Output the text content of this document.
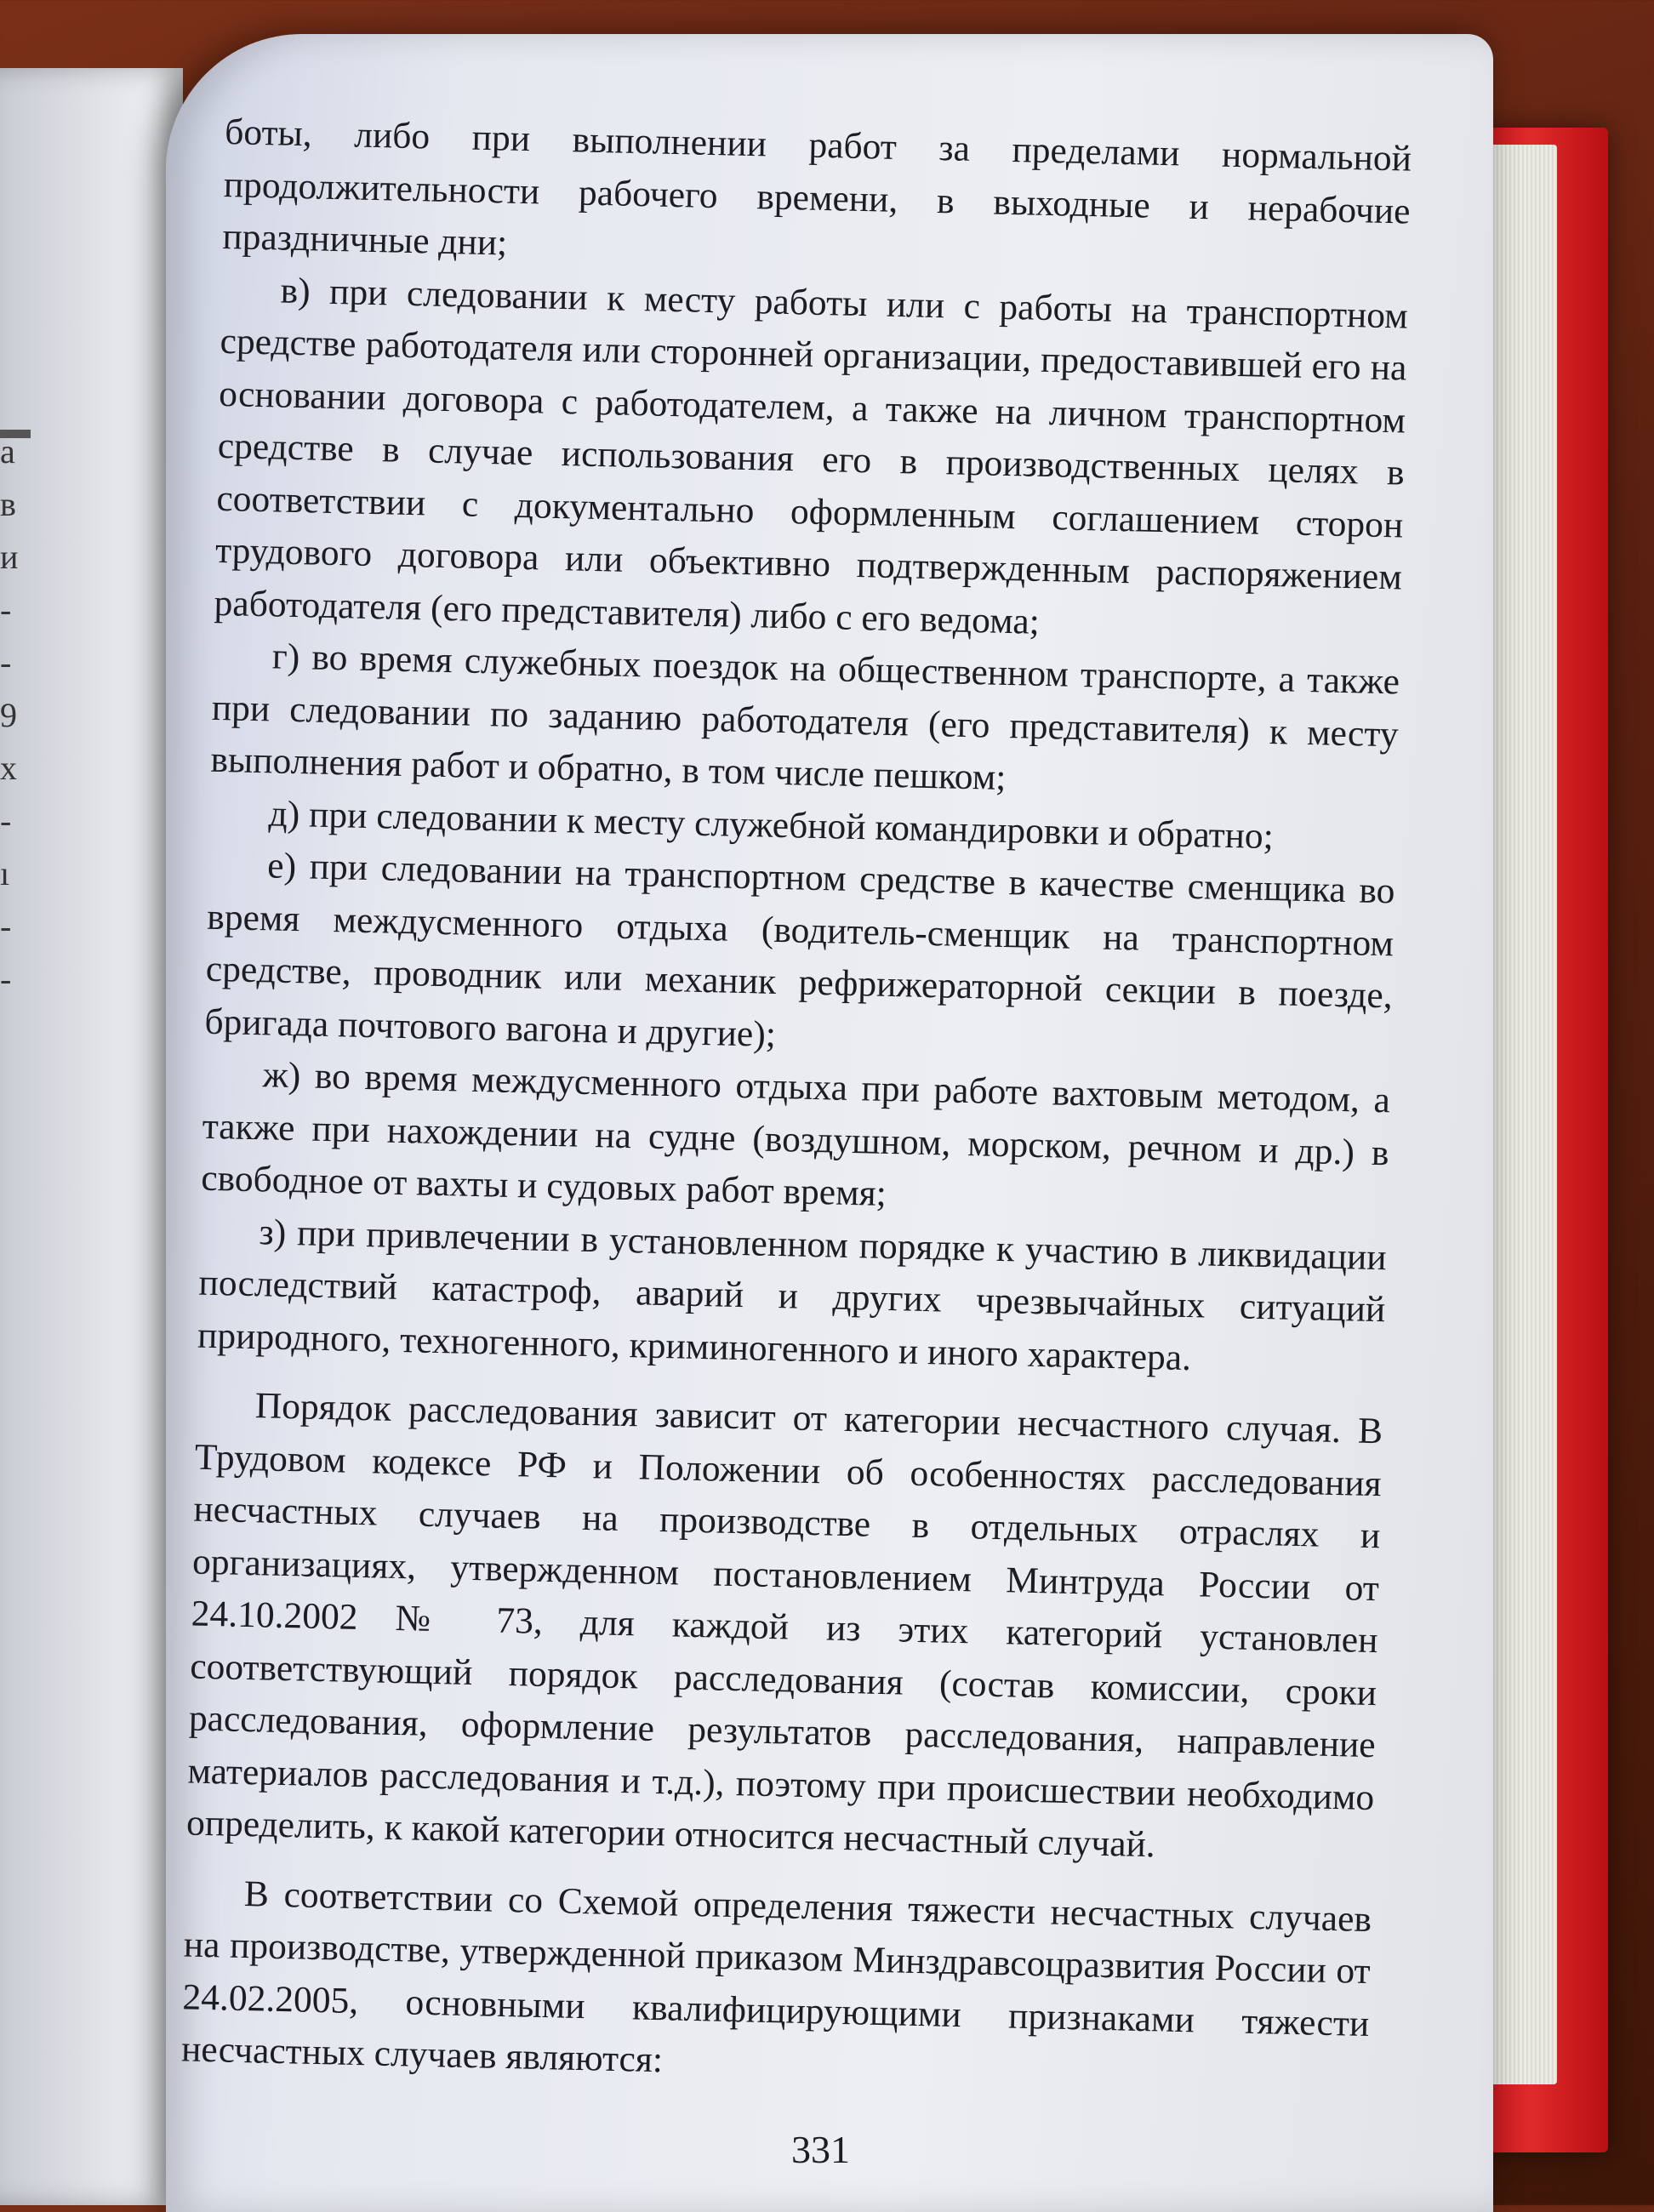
а
в
и
-
-
9
х
-
ı
-
-

боты, либо при выполнении работ за пределами нормальной продолжительности рабочего времени, в выходные и нерабочие праздничные дни;

в) при следовании к месту работы или с работы на транспортном средстве работодателя или сторонней организации, предоставившей его на основании договора с работодателем, а также на личном транспортном средстве в случае использования его в производственных целях в соответствии с документально оформленным соглашением сторон трудового договора или объективно подтвержденным распоряжением работодателя (его представителя) либо с его ведома;

г) во время служебных поездок на общественном транспорте, а также при следовании по заданию работодателя (его представителя) к месту выполнения работ и обратно, в том числе пешком;

д) при следовании к месту служебной командировки и обратно;

е) при следовании на транспортном средстве в качестве сменщика во время междусменного отдыха (водитель-сменщик на транспортном средстве, проводник или механик рефрижераторной секции в поезде, бригада почтового вагона и другие);

ж) во время междусменного отдыха при работе вахтовым методом, а также при нахождении на судне (воздушном, морском, речном и др.) в свободное от вахты и судовых работ время;

з) при привлечении в установленном порядке к участию в ликвидации последствий катастроф, аварий и других чрезвычайных ситуаций природного, техногенного, криминогенного и иного характера.

Порядок расследования зависит от категории несчастного случая. В Трудовом кодексе РФ и Положении об особенностях расследования несчастных случаев на производстве в отдельных отраслях и организациях, утвержденном постановлением Минтруда России от 24.10.2002 № 73, для каждой из этих категорий установлен соответствующий порядок расследования (состав комиссии, сроки расследования, оформление результатов расследования, направление материалов расследования и т.д.), поэтому при происшествии необходимо определить, к какой категории относится несчастный случай.

В соответствии со Схемой определения тяжести несчастных случаев на производстве, утвержденной приказом Минздравсоцразвития России от 24.02.2005, основными квалифицирующими признаками тяжести несчастных случаев являются:

331
